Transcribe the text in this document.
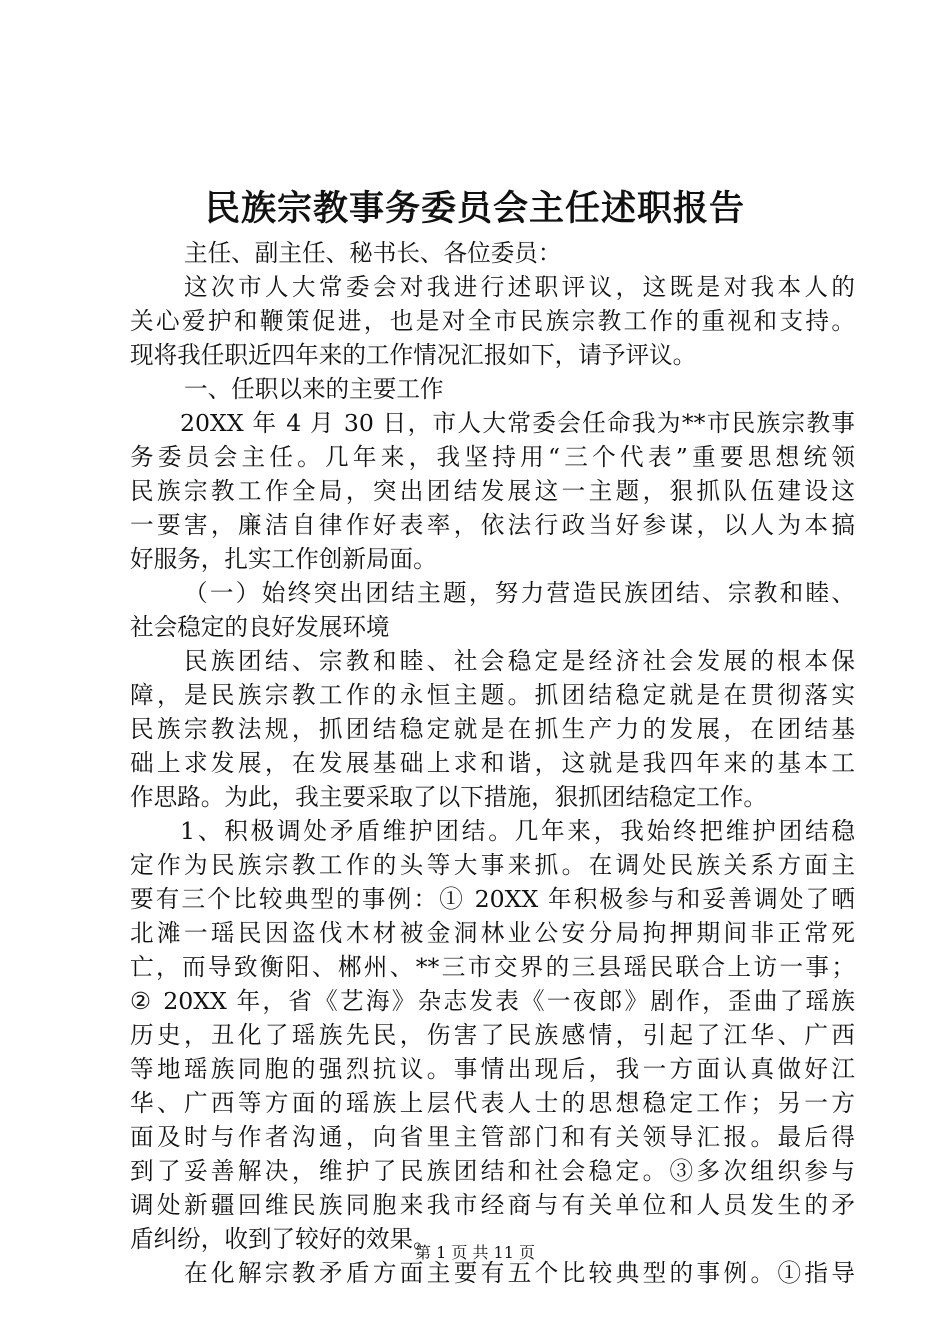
民族宗教事务委员会主任述职报告
主任、副主任、秘书长、各位委员：
这次市人大常委会对我进行述职评议，这既是对我本人的
关心爱护和鞭策促进，也是对全市民族宗教工作的重视和支持。
现将我任职近四年来的工作情况汇报如下，请予评议。
一、任职以来的主要工作
20XX 年 4 月 30 日，市人大常委会任命我为**市民族宗教事
务委员会主任。几年来，我坚持用“三个代表”重要思想统领
民族宗教工作全局，突出团结发展这一主题，狠抓队伍建设这
一要害，廉洁自律作好表率，依法行政当好参谋，以人为本搞
好服务，扎实工作创新局面。
（一）始终突出团结主题，努力营造民族团结、宗教和睦、
社会稳定的良好发展环境
民族团结、宗教和睦、社会稳定是经济社会发展的根本保
障，是民族宗教工作的永恒主题。抓团结稳定就是在贯彻落实
民族宗教法规，抓团结稳定就是在抓生产力的发展，在团结基
础上求发展，在发展基础上求和谐，这就是我四年来的基本工
作思路。为此，我主要采取了以下措施，狠抓团结稳定工作。
1、积极调处矛盾维护团结。几年来，我始终把维护团结稳
定作为民族宗教工作的头等大事来抓。在调处民族关系方面主
要有三个比较典型的事例：① 20XX 年积极参与和妥善调处了晒
北滩一瑶民因盗伐木材被金洞林业公安分局拘押期间非正常死
亡，而导致衡阳、郴州、**三市交界的三县瑶民联合上访一事；
② 20XX 年，省《艺海》杂志发表《一夜郎》剧作，歪曲了瑶族
历史，丑化了瑶族先民，伤害了民族感情，引起了江华、广西
等地瑶族同胞的强烈抗议。事情出现后，我一方面认真做好江
华、广西等方面的瑶族上层代表人士的思想稳定工作；另一方
面及时与作者沟通，向省里主管部门和有关领导汇报。最后得
到了妥善解决，维护了民族团结和社会稳定。③多次组织参与
调处新疆回维民族同胞来我市经商与有关单位和人员发生的矛
盾纠纷，收到了较好的效果。
在化解宗教矛盾方面主要有五个比较典型的事例。①指导
第 1 页 共 11 页
